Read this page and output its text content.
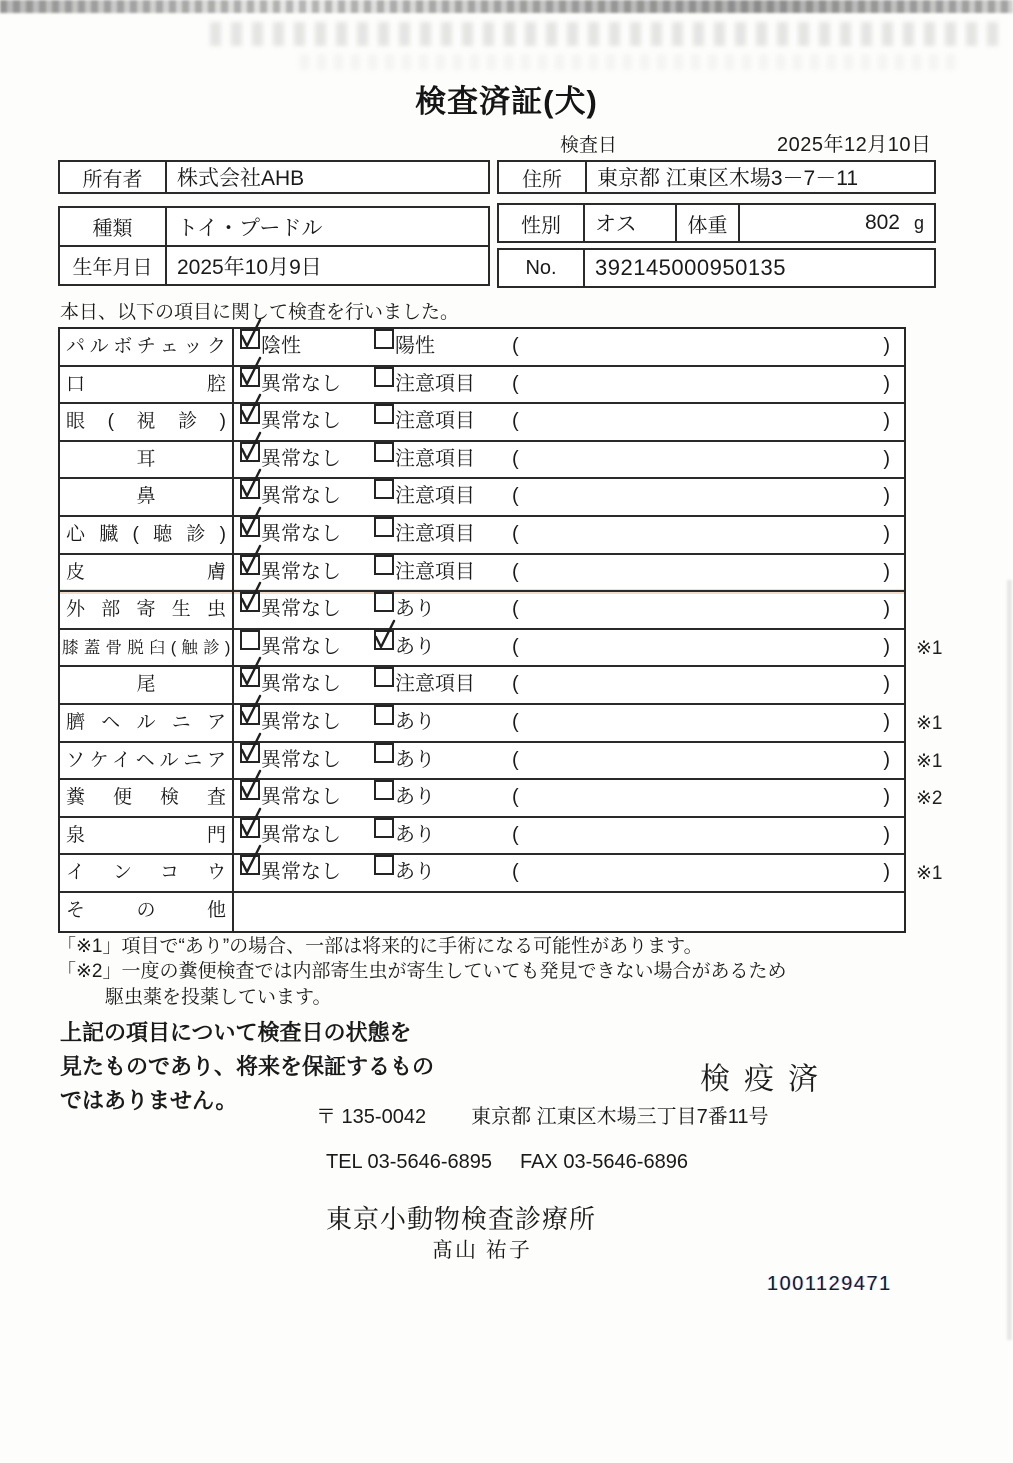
検査済証(犬)
検査日	2025年12月10日
所有者	株式会社AHB	住所	東京都 江東区木場3－7－11
種類	トイ・プードル
生年月日	2025年10月9日
性別	オス	体重	802 g
No.	392145000950135
本日、以下の項目に関して検査を行いました。
パルボチェック	陰性	陽性	(	)
口腔	異常なし	注意項目 (	)
眼(視診)	異常なし	注意項目 (	)
耳	異常なし	注意項目 (	)
鼻	異常なし	注意項目 (	)
心臓(聴診)	異常なし	注意項目 (	)
皮膚	異常なし	注意項目 (	)
外部寄生虫	異常なし	あり	(	)
膝蓋骨脱臼(触診) 異常なし	あり	(	) ※1
尾	異常なし	注意項目 (	)
臍ヘルニア	異常なし	あり	(	) ※1
ソケイヘルニア	異常なし	あり	(	) ※1
糞便検査	異常なし	あり	(	) ※2
泉門	異常なし	あり	(	)
インコウ	異常なし	あり	(	) ※1
その他
「※1」項目で“あり”の場合、一部は将来的に手術になる可能性があります。
「※2」一度の糞便検査では内部寄生虫が寄生していても発見できない場合があるため
駆虫薬を投薬しています。
上記の項目について検査日の状態を
見たものであり、将来を保証するもの
ではありません。
検疫済
〒 135-0042 東京都 江東区木場三丁目7番11号
TEL 03-5646-6895 FAX 03-5646-6896
東京小動物検査診療所
髙山 祐子
1001129471
